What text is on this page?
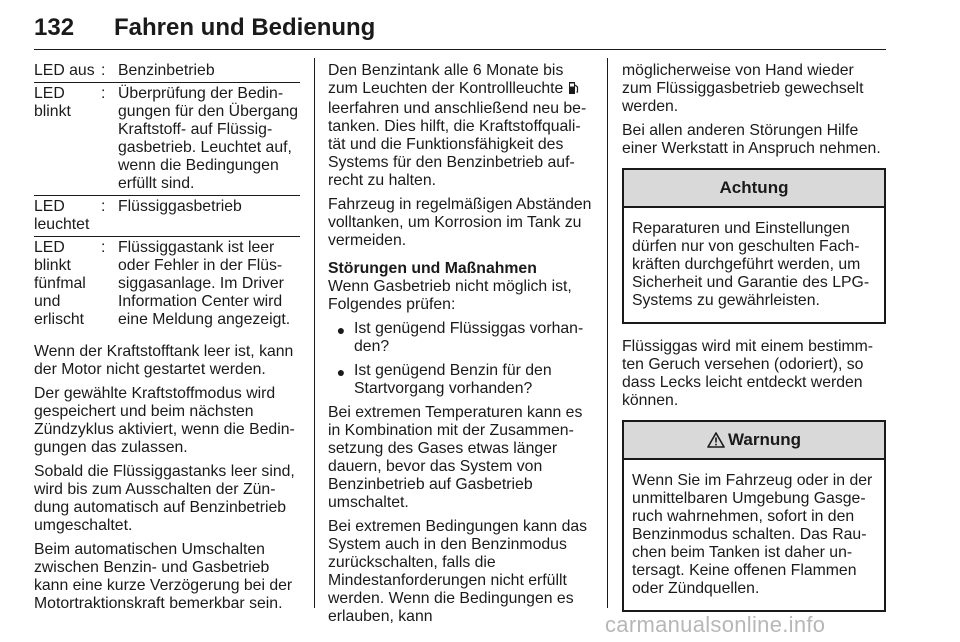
132 Fahren und Bedienung
LED aus : Benzinbetrieb
LED blinkt
: Überprüfung der Bedingungen für den Übergang Kraftstoff- auf Flüssiggasbetrieb. Leuchtet auf, wenn die Bedingungen erfüllt sind.
LED leuchtet
: Flüssiggasbetrieb
LED blinkt fünfmal und erlischt
: Flüssiggastank ist leer oder Fehler in der Flüssiggasanlage. Im Driver Information Center wird eine Meldung angezeigt.

Wenn der Kraftstofftank leer ist, kann der Motor nicht gestartet werden.

Der gewählte Kraftstoffmodus wird gespeichert und beim nächsten Zündzyklus aktiviert, wenn die Bedingungen das zulassen.

Sobald die Flüssiggastanks leer sind, wird bis zum Ausschalten der Zündung automatisch auf Benzinbetrieb umgeschaltet.

Beim automatischen Umschalten zwischen Benzin- und Gasbetrieb kann eine kurze Verzögerung bei der Motortraktionskraft bemerkbar sein.

Den Benzintank alle 6 Monate bis zum Leuchten der Kontrollleuchte  leerfahren und anschließend neu betanken. Dies hilft, die Kraftstoffqualität und die Funktionsfähigkeit des Systems für den Benzinbetrieb aufrecht zu halten.

Fahrzeug in regelmäßigen Abständen volltanken, um Korrosion im Tank zu vermeiden.

Störungen und Maßnahmen

Wenn Gasbetrieb nicht möglich ist, Folgendes prüfen:

● Ist genügend Flüssiggas vorhanden?
● Ist genügend Benzin für den Startvorgang vorhanden?

Bei extremen Temperaturen kann es in Kombination mit der Zusammensetzung des Gases etwas länger dauern, bevor das System von Benzinbetrieb auf Gasbetrieb umschaltet.

Bei extremen Bedingungen kann das System auch in den Benzinmodus zurückschalten, falls die Mindestanforderungen nicht erfüllt werden. Wenn die Bedingungen es erlauben, kann

möglicherweise von Hand wieder zum Flüssiggasbetrieb gewechselt werden.

Bei allen anderen Störungen Hilfe einer Werkstatt in Anspruch nehmen.

Achtung
Reparaturen und Einstellungen dürfen nur von geschulten Fachkräften durchgeführt werden, um Sicherheit und Garantie des LPG-Systems zu gewährleisten.

Flüssiggas wird mit einem bestimmten Geruch versehen (odoriert), so dass Lecks leicht entdeckt werden können.

Warnung
Wenn Sie im Fahrzeug oder in der unmittelbaren Umgebung Gasgeruch wahrnehmen, sofort in den Benzinmodus schalten. Das Rauchen beim Tanken ist daher untersagt. Keine offenen Flammen oder Zündquellen.
carmanualsonline.info
